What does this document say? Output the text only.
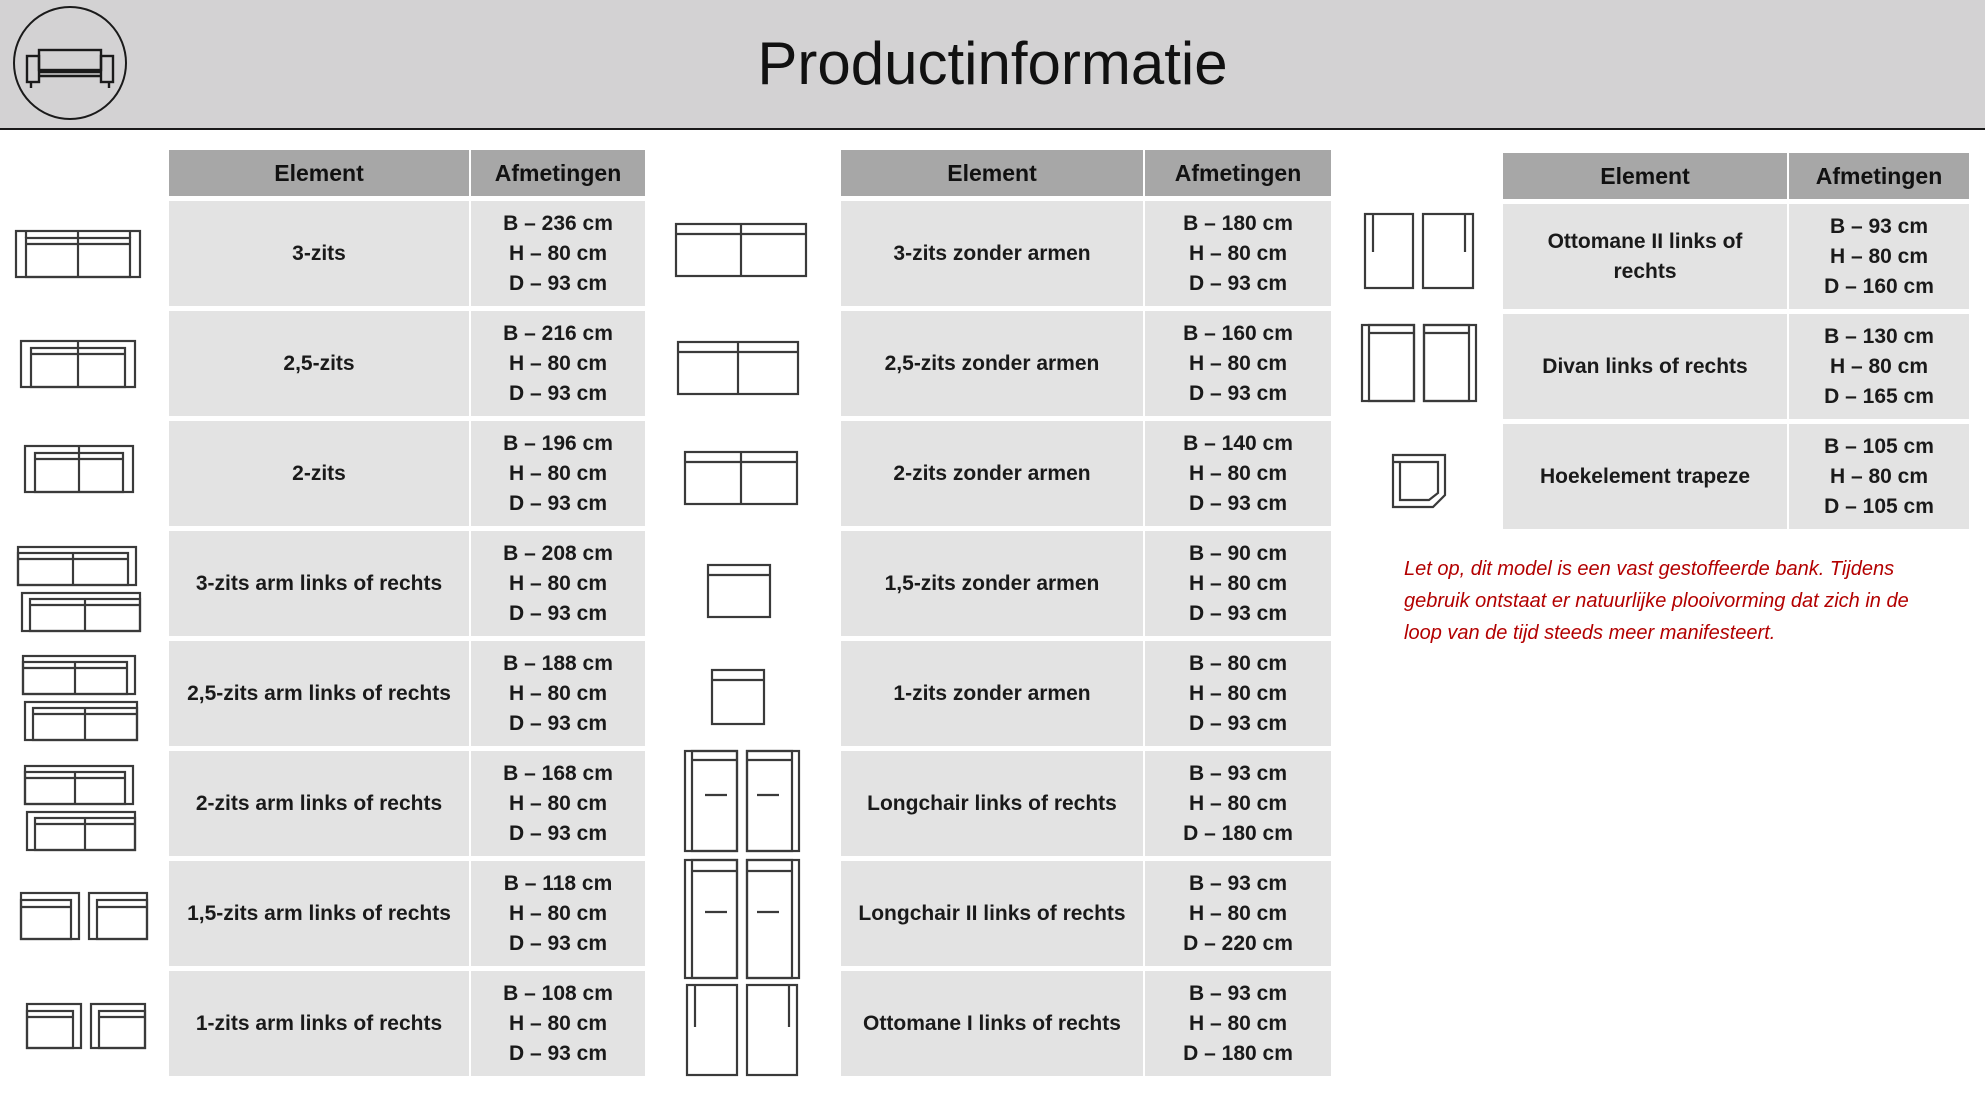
Productinformatie
Element	Afmetingen
3-zits	B – 236 cm
H – 80 cm
D – 93 cm

2,5-zits	B – 216 cm
H – 80 cm
D – 93 cm

2-zits	B – 196 cm
H – 80 cm
D – 93 cm

3-zits arm links of rechts	B – 208 cm
H – 80 cm
D – 93 cm

2,5-zits arm links of rechts	B – 188 cm
H – 80 cm
D – 93 cm

2-zits arm links of rechts	B – 168 cm
H – 80 cm
D – 93 cm

1,5-zits arm links of rechts	B – 118 cm
H – 80 cm
D – 93 cm

1-zits arm links of rechts	B – 108 cm
H – 80 cm
D – 93 cm
Element	Afmetingen
3-zits zonder armen	B – 180 cm
H – 80 cm
D – 93 cm

2,5-zits zonder armen	B – 160 cm
H – 80 cm
D – 93 cm

2-zits zonder armen	B – 140 cm
H – 80 cm
D – 93 cm

1,5-zits zonder armen	B – 90 cm
H – 80 cm
D – 93 cm

1-zits zonder armen	B – 80 cm
H – 80 cm
D – 93 cm

Longchair links of rechts	B – 93 cm
H – 80 cm
D – 180 cm

Longchair II links of rechts	B – 93 cm
H – 80 cm
D – 220 cm

Ottomane I links of rechts	B – 93 cm
H – 80 cm
D – 180 cm
Element	Afmetingen
Ottomane II links of rechts	B – 93 cm
H – 80 cm
D – 160 cm

Divan links of rechts	B – 130 cm
H – 80 cm
D – 165 cm

Hoekelement trapeze	B – 105 cm
H – 80 cm
D – 105 cm
Let op, dit model is een vast gestoffeerde bank. Tijdens gebruik ontstaat er natuurlijke plooivorming dat zich in de loop van de tijd steeds meer manifesteert.
